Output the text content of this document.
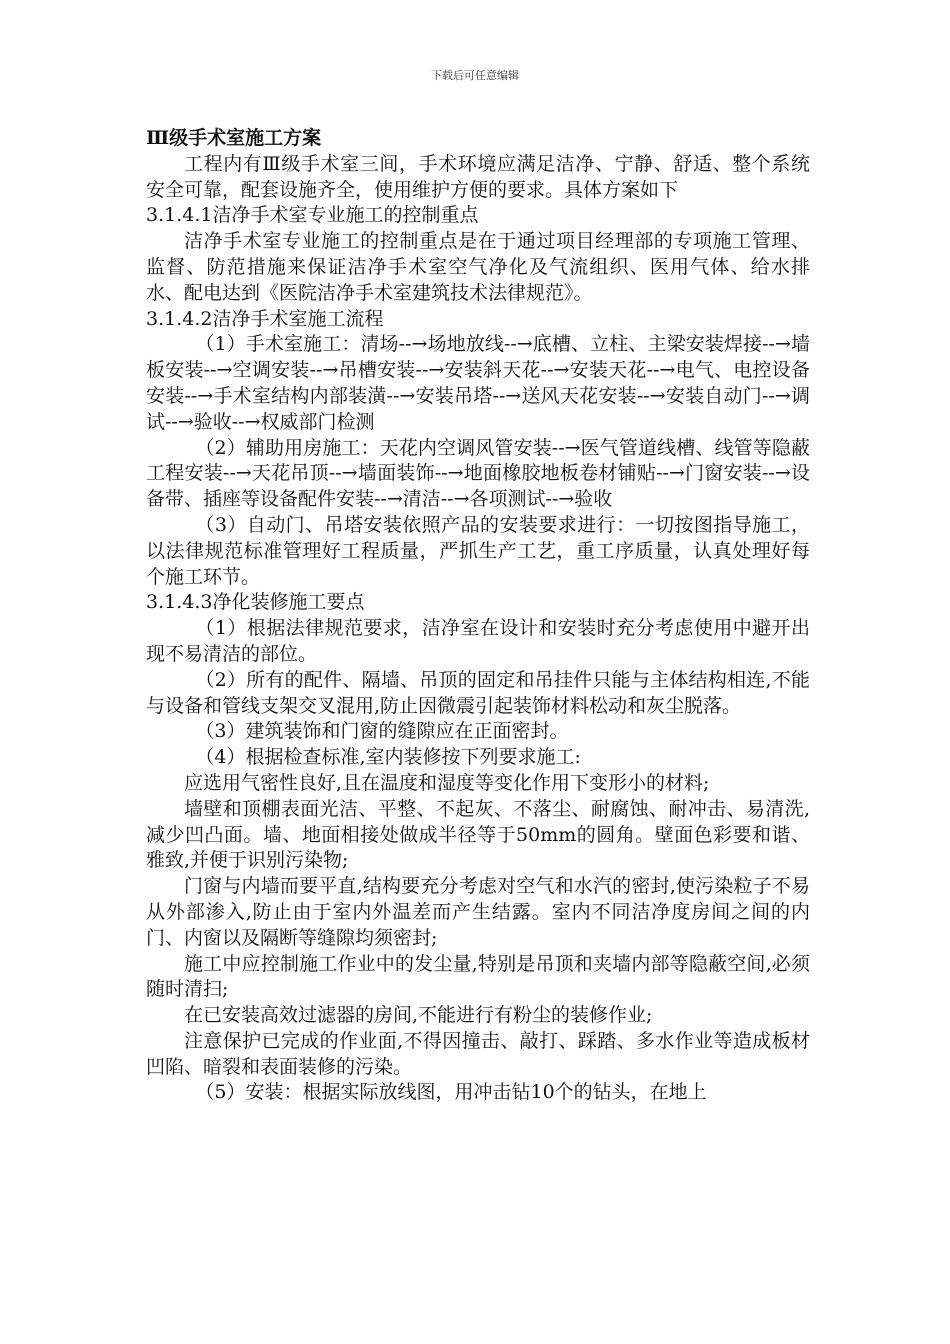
下载后可任意编辑

Ⅲ级手术室施工方案

工程内有Ⅲ级手术室三间，手术环境应满足洁净、宁静、舒适、整个系统安全可靠，配套设施齐全，使用维护方便的要求。具体方案如下

3.1.4.1洁净手术室专业施工的控制重点

洁净手术室专业施工的控制重点是在于通过项目经理部的专项施工管理、监督、防范措施来保证洁净手术室空气净化及气流组织、医用气体、给水排水、配电达到《医院洁净手术室建筑技术法律规范》。

3.1.4.2洁净手术室施工流程

（1）手术室施工：清场--→场地放线--→底槽、立柱、主梁安装焊接--→墙板安装--→空调安装--→吊槽安装--→安装斜天花--→安装天花--→电气、电控设备安装--→手术室结构内部装潢--→安装吊塔--→送风天花安装--→安装自动门--→调试--→验收--→权威部门检测

（2）辅助用房施工：天花内空调风管安装--→医气管道线槽、线管等隐蔽工程安装--→天花吊顶--→墙面装饰--→地面橡胶地板卷材铺贴--→门窗安装--→设备带、插座等设备配件安装--→清洁--→各项测试--→验收

（3）自动门、吊塔安装依照产品的安装要求进行：一切按图指导施工，以法律规范标准管理好工程质量，严抓生产工艺，重工序质量，认真处理好每个施工环节。

3.1.4.3净化装修施工要点

（1）根据法律规范要求，洁净室在设计和安装时充分考虑使用中避开出现不易清洁的部位。

（2）所有的配件、隔墙、吊顶的固定和吊挂件只能与主体结构相连,不能与设备和管线支架交叉混用,防止因微震引起装饰材料松动和灰尘脱落。

（3）建筑装饰和门窗的缝隙应在正面密封。

（4）根据检查标准,室内装修按下列要求施工:

应选用气密性良好,且在温度和湿度等变化作用下变形小的材料;

墙壁和顶棚表面光洁、平整、不起灰、不落尘、耐腐蚀、耐冲击、易清洗,减少凹凸面。墙、地面相接处做成半径等于50mm的圆角。壁面色彩要和谐、雅致,并便于识别污染物;

门窗与内墙而要平直,结构要充分考虑对空气和水汽的密封,使污染粒子不易从外部渗入,防止由于室内外温差而产生结露。室内不同洁净度房间之间的内门、内窗以及隔断等缝隙均须密封;

施工中应控制施工作业中的发尘量,特别是吊顶和夹墙内部等隐蔽空间,必须随时清扫;

在已安装高效过滤器的房间,不能进行有粉尘的装修作业;

注意保护已完成的作业面,不得因撞击、敲打、踩踏、多水作业等造成板材凹陷、暗裂和表面装修的污染。

（5）安装：根据实际放线图，用冲击钻10个的钻头，在地上
